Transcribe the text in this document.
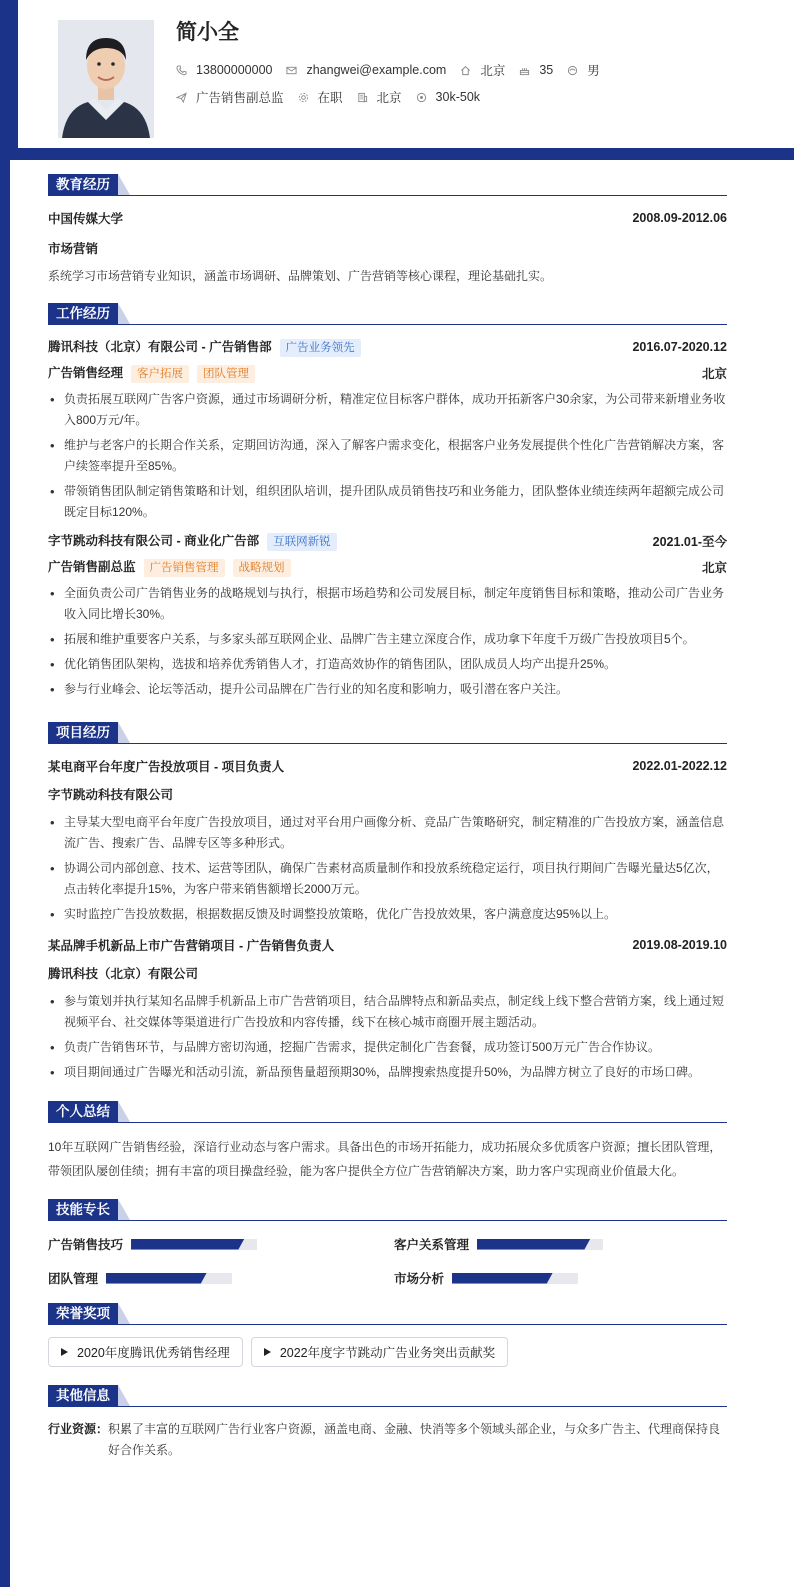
简小全
13800000000	zhangwei@example.com	北京	35	男
广告销售副总监	在职	北京	30k-50k
教育经历
中国传媒大学	2008.09-2012.06
市场营销
系统学习市场营销专业知识，涵盖市场调研、品牌策划、广告营销等核心课程，理论基础扎实。
工作经历
腾讯科技（北京）有限公司 - 广告销售部 广告业务领先	2016.07-2020.12
广告销售经理 客户拓展 团队管理	北京
• 负责拓展互联网广告客户资源，通过市场调研分析，精准定位目标客户群体，成功开拓新客户30余家，为公司带来新增业务收入800万元/年。
• 维护与老客户的长期合作关系，定期回访沟通，深入了解客户需求变化，根据客户业务发展提供个性化广告营销解决方案，客户续签率提升至85%。
• 带领销售团队制定销售策略和计划，组织团队培训，提升团队成员销售技巧和业务能力，团队整体业绩连续两年超额完成公司既定目标120%。
字节跳动科技有限公司 - 商业化广告部 互联网新锐	2021.01-至今
广告销售副总监 广告销售管理 战略规划	北京
• 全面负责公司广告销售业务的战略规划与执行，根据市场趋势和公司发展目标，制定年度销售目标和策略，推动公司广告业务收入同比增长30%。
• 拓展和维护重要客户关系，与多家头部互联网企业、品牌广告主建立深度合作，成功拿下年度千万级广告投放项目5个。
• 优化销售团队架构，选拔和培养优秀销售人才，打造高效协作的销售团队，团队成员人均产出提升25%。
• 参与行业峰会、论坛等活动，提升公司品牌在广告行业的知名度和影响力，吸引潜在客户关注。
项目经历
某电商平台年度广告投放项目 - 项目负责人	2022.01-2022.12
字节跳动科技有限公司
• 主导某大型电商平台年度广告投放项目，通过对平台用户画像分析、竞品广告策略研究，制定精准的广告投放方案，涵盖信息流广告、搜索广告、品牌专区等多种形式。
• 协调公司内部创意、技术、运营等团队，确保广告素材高质量制作和投放系统稳定运行，项目执行期间广告曝光量达5亿次，点击转化率提升15%，为客户带来销售额增长2000万元。
• 实时监控广告投放数据，根据数据反馈及时调整投放策略，优化广告投放效果，客户满意度达95%以上。
某品牌手机新品上市广告营销项目 - 广告销售负责人	2019.08-2019.10
腾讯科技（北京）有限公司
• 参与策划并执行某知名品牌手机新品上市广告营销项目，结合品牌特点和新品卖点，制定线上线下整合营销方案，线上通过短视频平台、社交媒体等渠道进行广告投放和内容传播，线下在核心城市商圈开展主题活动。
• 负责广告销售环节，与品牌方密切沟通，挖掘广告需求，提供定制化广告套餐，成功签订500万元广告合作协议。
• 项目期间通过广告曝光和活动引流，新品预售量超预期30%，品牌搜索热度提升50%，为品牌方树立了良好的市场口碑。
个人总结
10年互联网广告销售经验，深谙行业动态与客户需求。具备出色的市场开拓能力，成功拓展众多优质客户资源；擅长团队管理，带领团队屡创佳绩；拥有丰富的项目操盘经验，能为客户提供全方位广告营销解决方案，助力客户实现商业价值最大化。
技能专长
广告销售技巧	客户关系管理
团队管理	市场分析
荣誉奖项
2020年度腾讯优秀销售经理	2022年度字节跳动广告业务突出贡献奖
其他信息
行业资源： 积累了丰富的互联网广告行业客户资源，涵盖电商、金融、快消等多个领域头部企业，与众多广告主、代理商保持良好合作关系。
